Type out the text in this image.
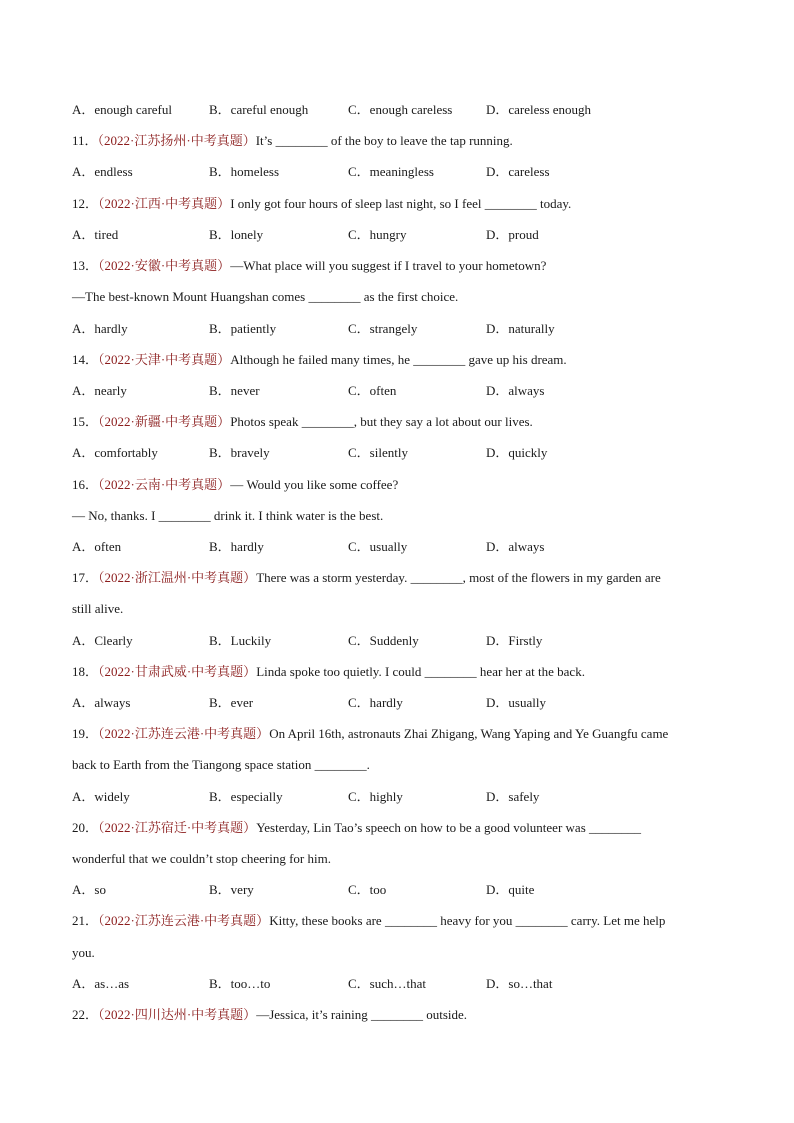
A．enough careful	B．careful enough	C．enough careless	D．careless enough
11．（2022·江苏扬州·中考真题）It’s ________ of the boy to leave the tap running.
A．endless	B．homeless	C．meaningless	D．careless
12．（2022·江西·中考真题）I only got four hours of sleep last night, so I feel ________ today.
A．tired	B．lonely	C．hungry	D．proud
13．（2022·安徽·中考真题）—What place will you suggest if I travel to your hometown?
—The best-known Mount Huangshan comes ________ as the first choice.
A．hardly	B．patiently	C．strangely	D．naturally
14．（2022·天津·中考真题）Although he failed many times, he ________ gave up his dream.
A．nearly	B．never	C．often	D．always
15．（2022·新疆·中考真题）Photos speak ________, but they say a lot about our lives.
A．comfortably	B．bravely	C．silently	D．quickly
16．（2022·云南·中考真题）— Would you like some coffee?
— No, thanks. I ________ drink it. I think water is the best.
A．often	B．hardly	C．usually	D．always
17．（2022·浙江温州·中考真题）There was a storm yesterday. ________, most of the flowers in my garden are
still alive.
A．Clearly	B．Luckily	C．Suddenly	D．Firstly
18．（2022·甘肃武威·中考真题）Linda spoke too quietly. I could ________ hear her at the back.
A．always	B．ever	C．hardly	D．usually
19．（2022·江苏连云港·中考真题）On April 16th, astronauts Zhai Zhigang, Wang Yaping and Ye Guangfu came
back to Earth from the Tiangong space station ________.
A．widely	B．especially	C．highly	D．safely
20．（2022·江苏宿迁·中考真题）Yesterday, Lin Tao’s speech on how to be a good volunteer was ________
wonderful that we couldn’t stop cheering for him.
A．so	B．very	C．too	D．quite
21．（2022·江苏连云港·中考真题）Kitty, these books are ________ heavy for you ________ carry. Let me help
you.
A．as…as	B．too…to	C．such…that	D．so…that
22．（2022·四川达州·中考真题）—Jessica, it’s raining ________ outside.
